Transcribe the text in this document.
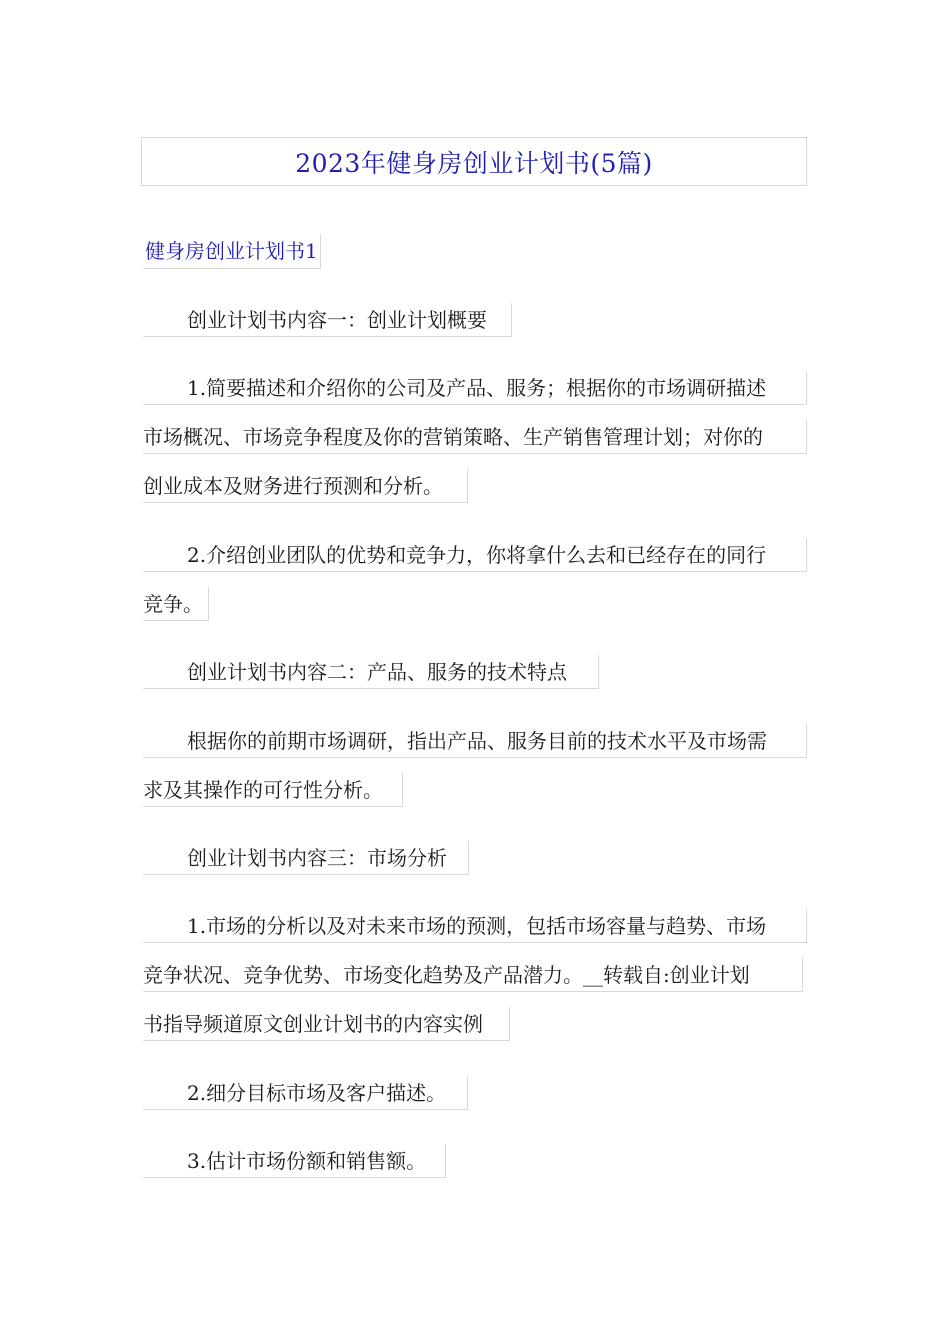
2023年健身房创业计划书(5篇)
健身房创业计划书1
创业计划书内容一：创业计划概要
1.简要描述和介绍你的公司及产品、服务；根据你的市场调研描述
市场概况、市场竞争程度及你的营销策略、生产销售管理计划；对你的
创业成本及财务进行预测和分析。
2.介绍创业团队的优势和竞争力，你将拿什么去和已经存在的同行
竞争。
创业计划书内容二：产品、服务的技术特点
根据你的前期市场调研，指出产品、服务目前的技术水平及市场需
求及其操作的可行性分析。
创业计划书内容三：市场分析
1.市场的分析以及对未来市场的预测，包括市场容量与趋势、市场
竞争状况、竞争优势、市场变化趋势及产品潜力。__转载自:创业计划
书指导频道原文创业计划书的内容实例
2.细分目标市场及客户描述。
3.估计市场份额和销售额。
